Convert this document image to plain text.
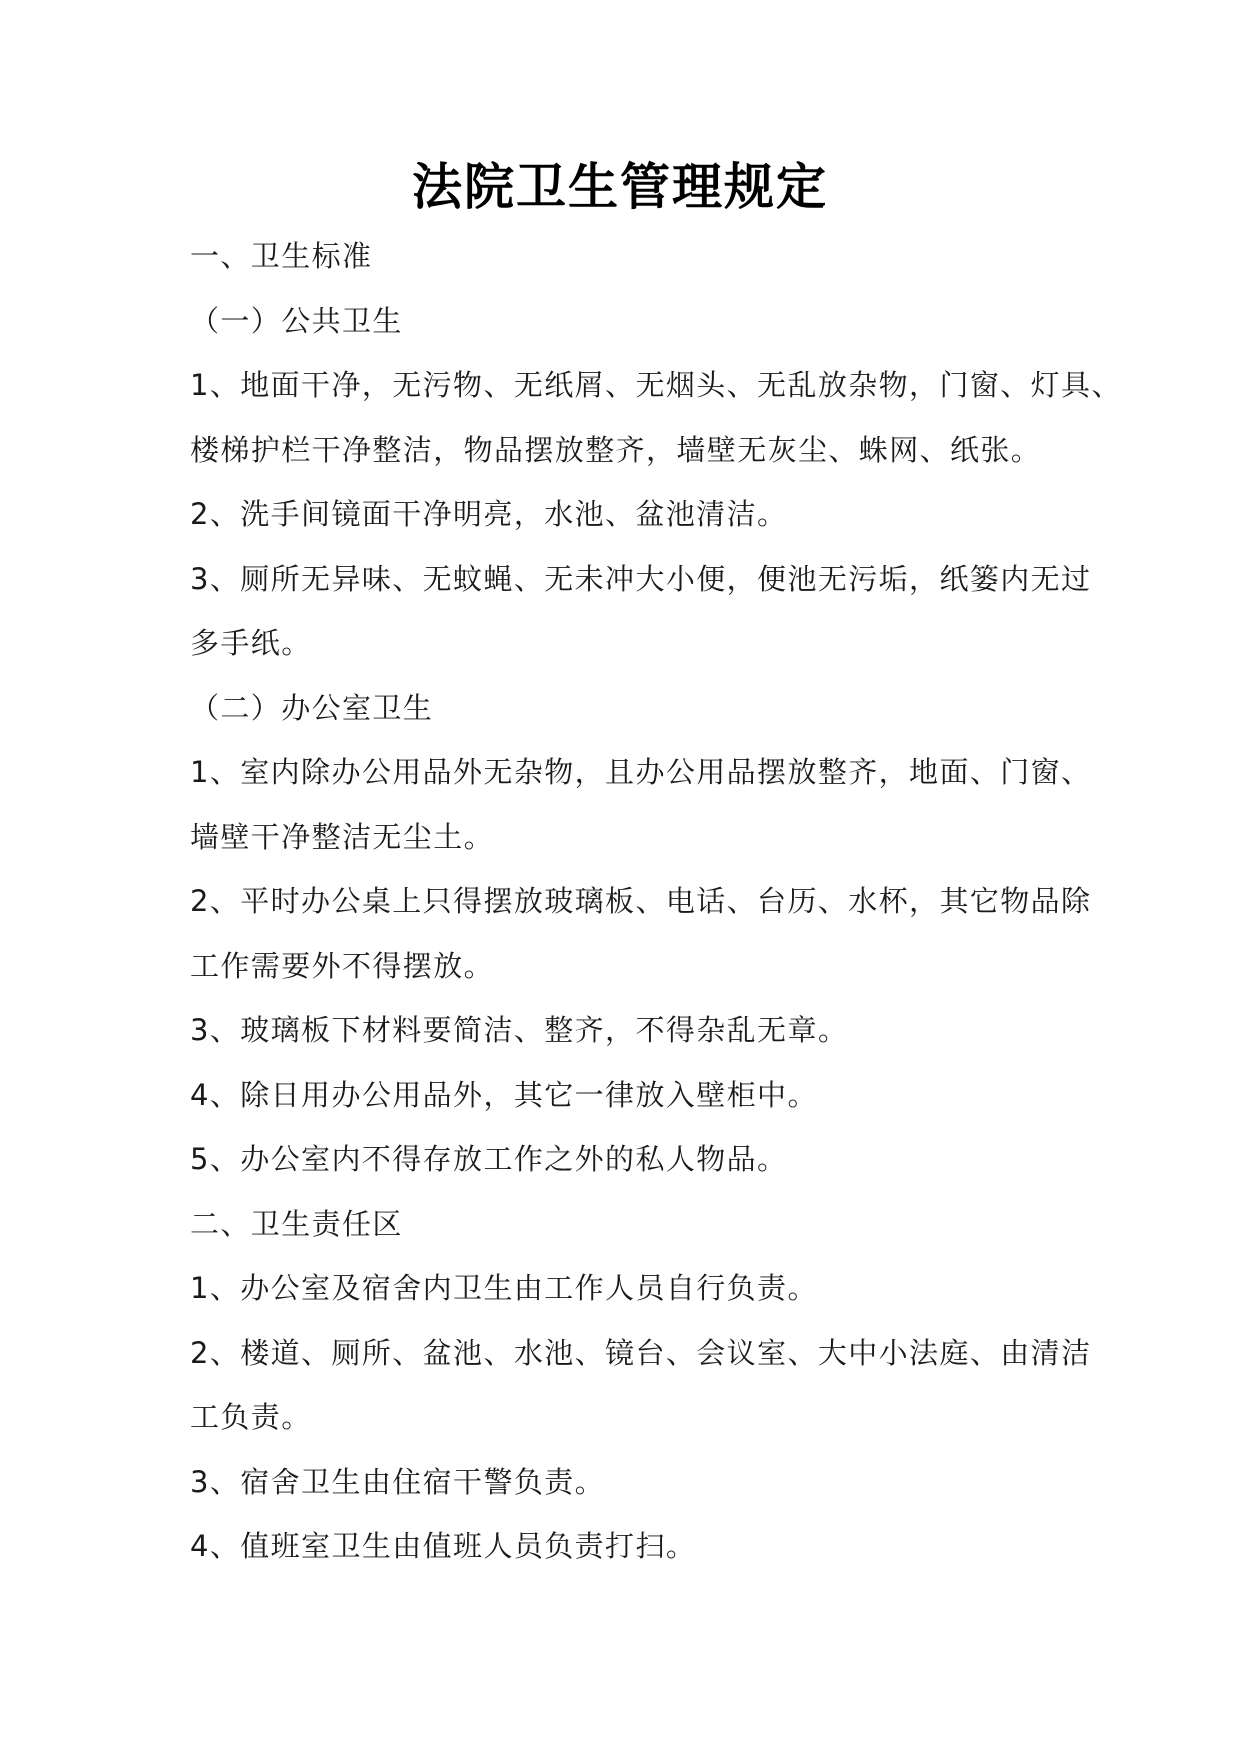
法院卫生管理规定
一、卫生标准
（一）公共卫生
1、地面干净，无污物、无纸屑、无烟头、无乱放杂物，门窗、灯具、
楼梯护栏干净整洁，物品摆放整齐，墙壁无灰尘、蛛网、纸张。
2、洗手间镜面干净明亮，水池、盆池清洁。
3、厕所无异味、无蚊蝇、无未冲大小便，便池无污垢，纸篓内无过
多手纸。
（二）办公室卫生
1、室内除办公用品外无杂物，且办公用品摆放整齐，地面、门窗、
墙壁干净整洁无尘土。
2、平时办公桌上只得摆放玻璃板、电话、台历、水杯，其它物品除
工作需要外不得摆放。
3、玻璃板下材料要简洁、整齐，不得杂乱无章。
4、除日用办公用品外，其它一律放入壁柜中。
5、办公室内不得存放工作之外的私人物品。
二、卫生责任区
1、办公室及宿舍内卫生由工作人员自行负责。
2、楼道、厕所、盆池、水池、镜台、会议室、大中小法庭、由清洁
工负责。
3、宿舍卫生由住宿干警负责。
4、值班室卫生由值班人员负责打扫。
